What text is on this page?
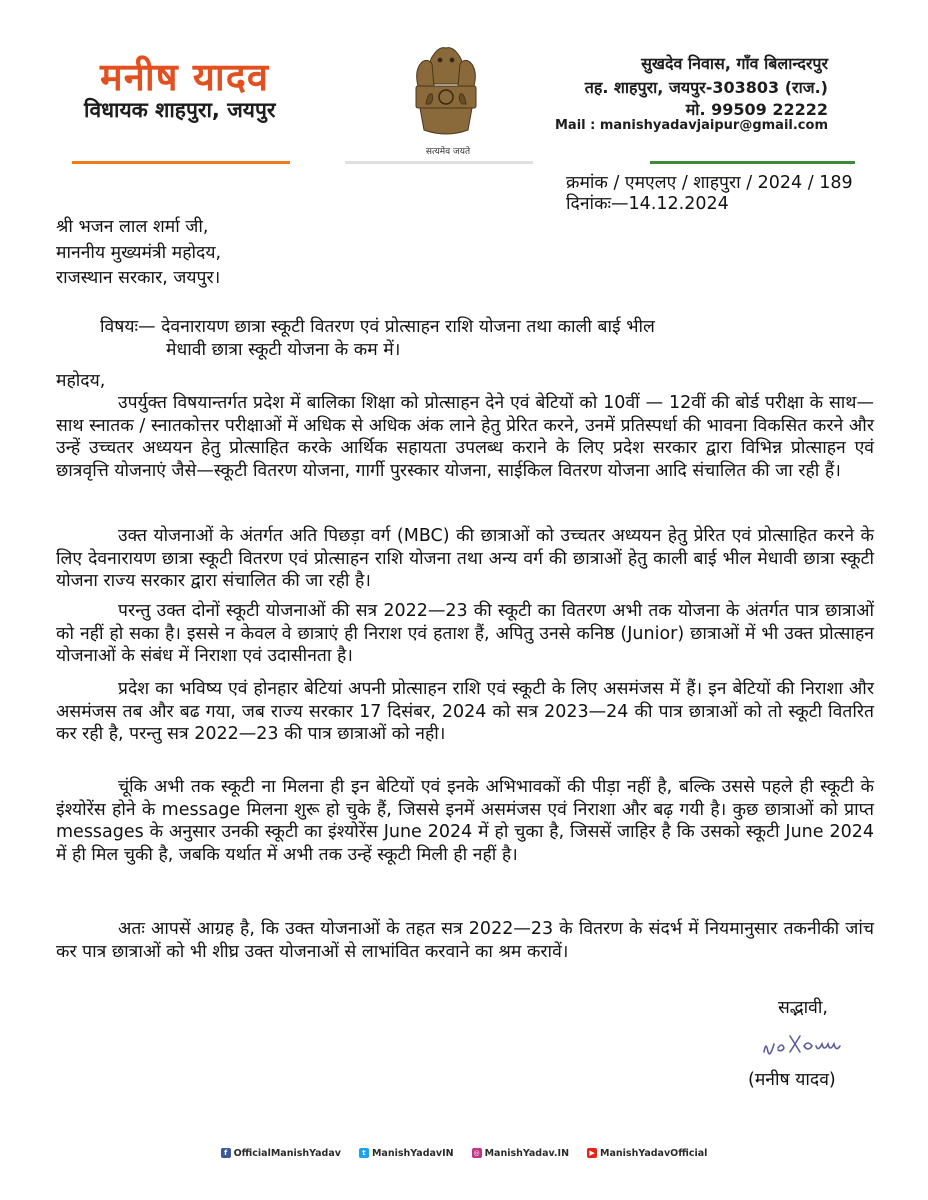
मनीष यादव
विधायक शाहपुरा, जयपुर
सत्यमेव जयते
सुखदेव निवास, गाँव बिलान्दरपुर
तह. शाहपुरा, जयपुर-303803 (राज.)
मो. 99509 22222
Mail : manishyadavjaipur@gmail.com
क्रमांक / एमएलए / शाहपुरा / 2024 / 189
दिनांकः—14.12.2024
श्री भजन लाल शर्मा जी,
माननीय मुख्यमंत्री महोदय,
राजस्थान सरकार, जयपुर।
विषयः— देवनारायण छात्रा स्कूटी वितरण एवं प्रोत्साहन राशि योजना तथा काली बाई भील
मेधावी छात्रा स्कूटी योजना के कम में।
महोदय,

उपर्युक्त विषयान्तर्गत प्रदेश में बालिका शिक्षा को प्रोत्साहन देने एवं बेटियों को 10वीं — 12वीं की बोर्ड परीक्षा के साथ—साथ स्नातक / स्नातकोत्तर परीक्षाओं में अधिक से अधिक अंक लाने हेतु प्रेरित करने, उनमें प्रतिस्पर्धा की भावना विकसित करने और उन्हें उच्चतर अध्ययन हेतु प्रोत्साहित करके आर्थिक सहायता उपलब्ध कराने के लिए प्रदेश सरकार द्वारा विभिन्न प्रोत्साहन एवं छात्रवृत्ति योजनाएं जैसे—स्कूटी वितरण योजना, गार्गी पुरस्कार योजना, साईकिल वितरण योजना आदि संचालित की जा रही हैं।

उक्त योजनाओं के अंतर्गत अति पिछड़ा वर्ग (MBC) की छात्राओं को उच्चतर अध्ययन हेतु प्रेरित एवं प्रोत्साहित करने के लिए देवनारायण छात्रा स्कूटी वितरण एवं प्रोत्साहन राशि योजना तथा अन्य वर्ग की छात्राओं हेतु काली बाई भील मेधावी छात्रा स्कूटी योजना राज्य सरकार द्वारा संचालित की जा रही है।

परन्तु उक्त दोनों स्कूटी योजनाओं की सत्र 2022—23 की स्कूटी का वितरण अभी तक योजना के अंतर्गत पात्र छात्राओं को नहीं हो सका है। इससे न केवल वे छात्राएं ही निराश एवं हताश हैं, अपितु उनसे कनिष्ठ (Junior) छात्राओं में भी उक्त प्रोत्साहन योजनाओं के संबंध में निराशा एवं उदासीनता है।

प्रदेश का भविष्य एवं होनहार बेटियां अपनी प्रोत्साहन राशि एवं स्कूटी के लिए असमंजस में हैं। इन बेटियों की निराशा और असमंजस तब और बढ गया, जब राज्य सरकार 17 दिसंबर, 2024 को सत्र 2023—24 की पात्र छात्राओं को तो स्कूटी वितरित कर रही है, परन्तु सत्र 2022—23 की पात्र छात्राओं को नही।

चूंकि अभी तक स्कूटी ना मिलना ही इन बेटियों एवं इनके अभिभावकों की पीड़ा नहीं है, बल्कि उससे पहले ही स्कूटी के इंश्योरेंस होने के message मिलना शुरू हो चुके हैं, जिससे इनमें असमंजस एवं निराशा और बढ़ गयी है। कुछ छात्राओं को प्राप्त messages के अनुसार उनकी स्कूटी का इंश्योरेंस June 2024 में हो चुका है, जिससें जाहिर है कि उसको स्कूटी June 2024 में ही मिल चुकी है, जबकि यर्थात में अभी तक उन्हें स्कूटी मिली ही नहीं है।

अतः आपसें आग्रह है, कि उक्त योजनाओं के तहत सत्र 2022—23 के वितरण के संदर्भ में नियमानुसार तकनीकी जांच कर पात्र छात्राओं को भी शीघ्र उक्त योजनाओं से लाभांवित करवाने का श्रम करावें।

सद्भावी,
(मनीष यादव)
f OfficialManishYadav	t ManishYadavIN	◎ ManishYadav.IN	▶ ManishYadavOfficial
